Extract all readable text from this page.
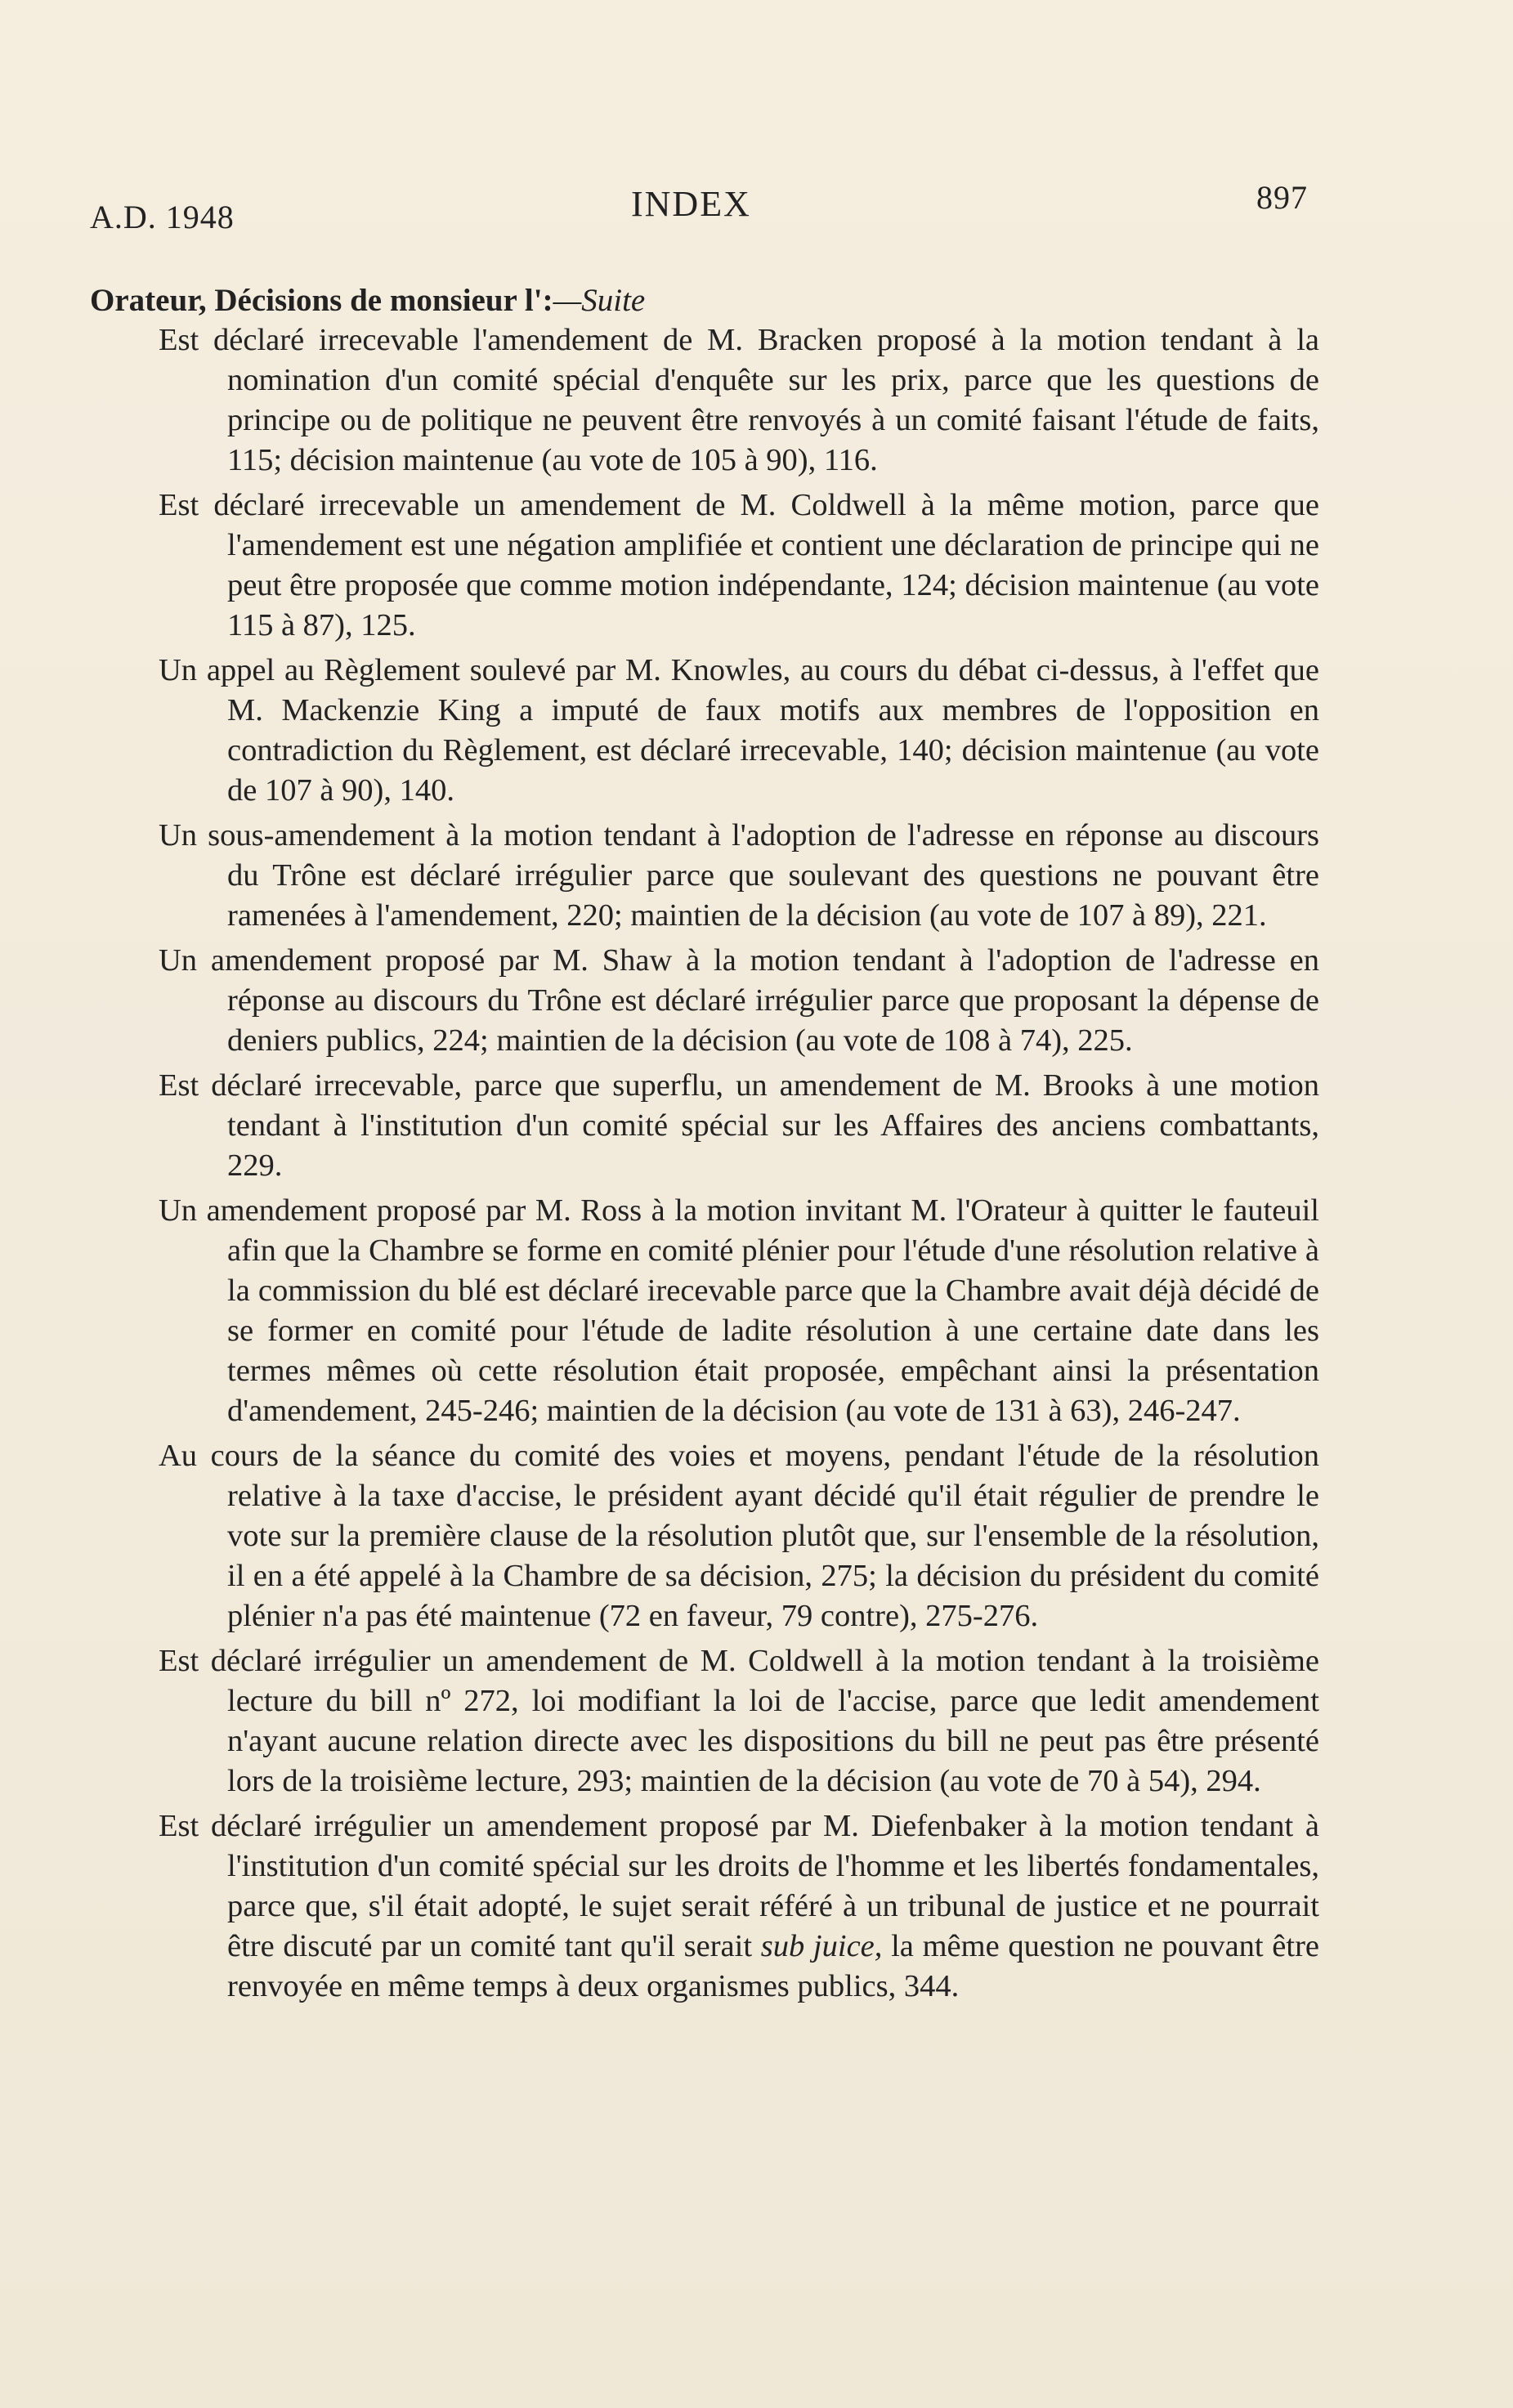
A.D. 1948	INDEX	897
Orateur, Décisions de monsieur l':—Suite

Est déclaré irrecevable l'amendement de M. Bracken proposé à la motion tendant à la nomination d'un comité spécial d'enquête sur les prix, parce que les questions de principe ou de politique ne peuvent être renvoyés à un comité faisant l'étude de faits, 115; décision maintenue (au vote de 105 à 90), 116.

Est déclaré irrecevable un amendement de M. Coldwell à la même motion, parce que l'amendement est une négation amplifiée et contient une déclaration de principe qui ne peut être proposée que comme motion indépendante, 124; décision maintenue (au vote 115 à 87), 125.

Un appel au Règlement soulevé par M. Knowles, au cours du débat ci-dessus, à l'effet que M. Mackenzie King a imputé de faux motifs aux membres de l'opposition en contradiction du Règlement, est déclaré irrecevable, 140; décision maintenue (au vote de 107 à 90), 140.

Un sous-amendement à la motion tendant à l'adoption de l'adresse en réponse au discours du Trône est déclaré irrégulier parce que soulevant des questions ne pouvant être ramenées à l'amendement, 220; maintien de la décision (au vote de 107 à 89), 221.

Un amendement proposé par M. Shaw à la motion tendant à l'adoption de l'adresse en réponse au discours du Trône est déclaré irrégulier parce que proposant la dépense de deniers publics, 224; maintien de la décision (au vote de 108 à 74), 225.

Est déclaré irrecevable, parce que superflu, un amendement de M. Brooks à une motion tendant à l'institution d'un comité spécial sur les Affaires des anciens combattants, 229.

Un amendement proposé par M. Ross à la motion invitant M. l'Orateur à quitter le fauteuil afin que la Chambre se forme en comité plénier pour l'étude d'une résolution relative à la commission du blé est déclaré irecevable parce que la Chambre avait déjà décidé de se former en comité pour l'étude de ladite résolution à une certaine date dans les termes mêmes où cette résolution était proposée, empêchant ainsi la présentation d'amendement, 245-246; maintien de la décision (au vote de 131 à 63), 246-247.

Au cours de la séance du comité des voies et moyens, pendant l'étude de la résolution relative à la taxe d'accise, le président ayant décidé qu'il était régulier de prendre le vote sur la première clause de la résolution plutôt que, sur l'ensemble de la résolution, il en a été appelé à la Chambre de sa décision, 275; la décision du président du comité plénier n'a pas été maintenue (72 en faveur, 79 contre), 275-276.

Est déclaré irrégulier un amendement de M. Coldwell à la motion tendant à la troisième lecture du bill nº 272, loi modifiant la loi de l'accise, parce que ledit amendement n'ayant aucune relation directe avec les dispositions du bill ne peut pas être présenté lors de la troisième lecture, 293; maintien de la décision (au vote de 70 à 54), 294.

Est déclaré irrégulier un amendement proposé par M. Diefenbaker à la motion tendant à l'institution d'un comité spécial sur les droits de l'homme et les libertés fondamentales, parce que, s'il était adopté, le sujet serait référé à un tribunal de justice et ne pourrait être discuté par un comité tant qu'il serait sub juice, la même question ne pouvant être renvoyée en même temps à deux organismes publics, 344.
